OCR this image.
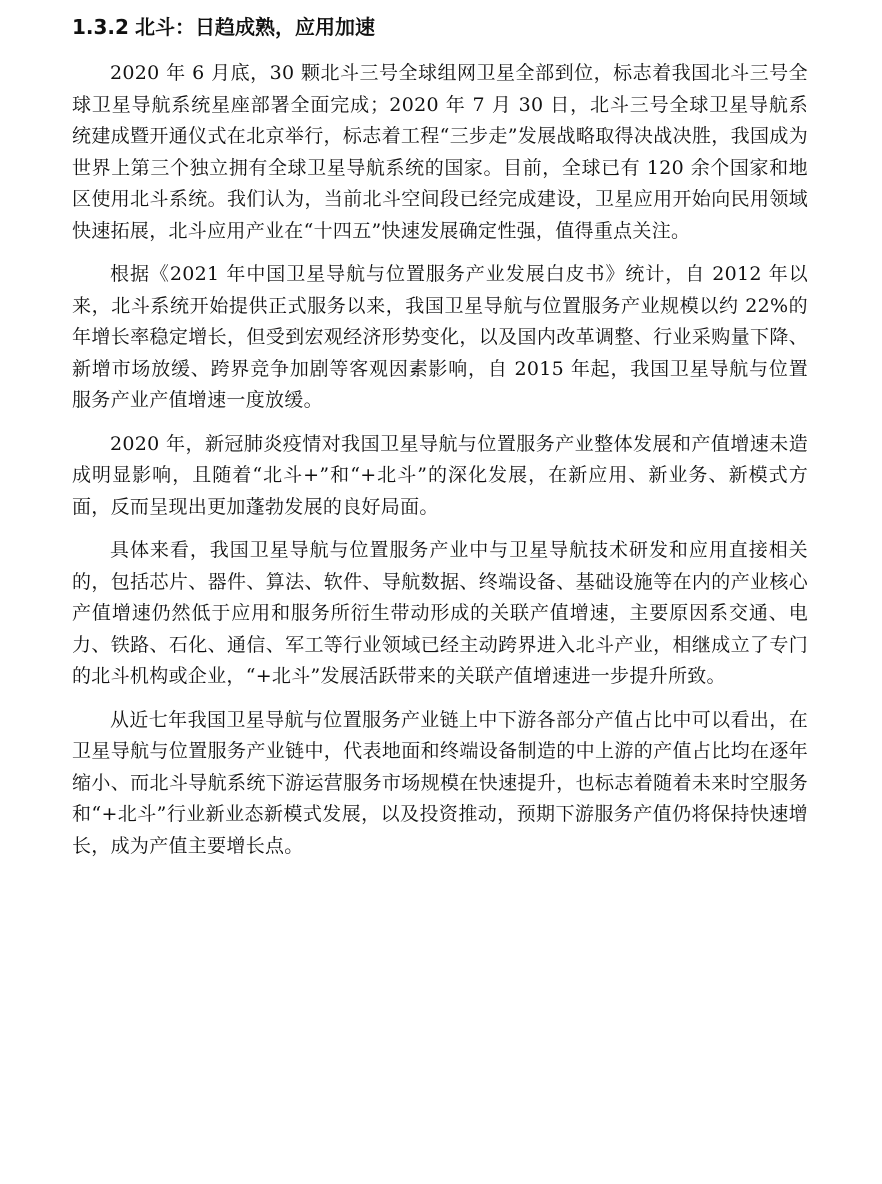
1.3.2 北斗：日趋成熟，应用加速

2020 年 6 月底，30 颗北斗三号全球组网卫星全部到位，标志着我国北斗三号全球卫星导航系统星座部署全面完成；2020 年 7 月 30 日，北斗三号全球卫星导航系统建成暨开通仪式在北京举行，标志着工程“三步走”发展战略取得决战决胜，我国成为世界上第三个独立拥有全球卫星导航系统的国家。目前，全球已有 120 余个国家和地区使用北斗系统。我们认为，当前北斗空间段已经完成建设，卫星应用开始向民用领域快速拓展，北斗应用产业在“十四五”快速发展确定性强，值得重点关注。

根据《2021 年中国卫星导航与位置服务产业发展白皮书》统计，自 2012 年以来，北斗系统开始提供正式服务以来，我国卫星导航与位置服务产业规模以约 22%的年增长率稳定增长，但受到宏观经济形势变化，以及国内改革调整、行业采购量下降、新增市场放缓、跨界竞争加剧等客观因素影响，自 2015 年起，我国卫星导航与位置服务产业产值增速一度放缓。

2020 年，新冠肺炎疫情对我国卫星导航与位置服务产业整体发展和产值增速未造成明显影响，且随着“北斗+”和“+北斗”的深化发展，在新应用、新业务、新模式方面，反而呈现出更加蓬勃发展的良好局面。

具体来看，我国卫星导航与位置服务产业中与卫星导航技术研发和应用直接相关的，包括芯片、器件、算法、软件、导航数据、终端设备、基础设施等在内的产业核心产值增速仍然低于应用和服务所衍生带动形成的关联产值增速，主要原因系交通、电力、铁路、石化、通信、军工等行业领域已经主动跨界进入北斗产业，相继成立了专门的北斗机构或企业，“+北斗”发展活跃带来的关联产值增速进一步提升所致。

从近七年我国卫星导航与位置服务产业链上中下游各部分产值占比中可以看出，在卫星导航与位置服务产业链中，代表地面和终端设备制造的中上游的产值占比均在逐年缩小、而北斗导航系统下游运营服务市场规模在快速提升，也标志着随着未来时空服务和“+北斗”行业新业态新模式发展，以及投资推动，预期下游服务产值仍将保持快速增长，成为产值主要增长点。
